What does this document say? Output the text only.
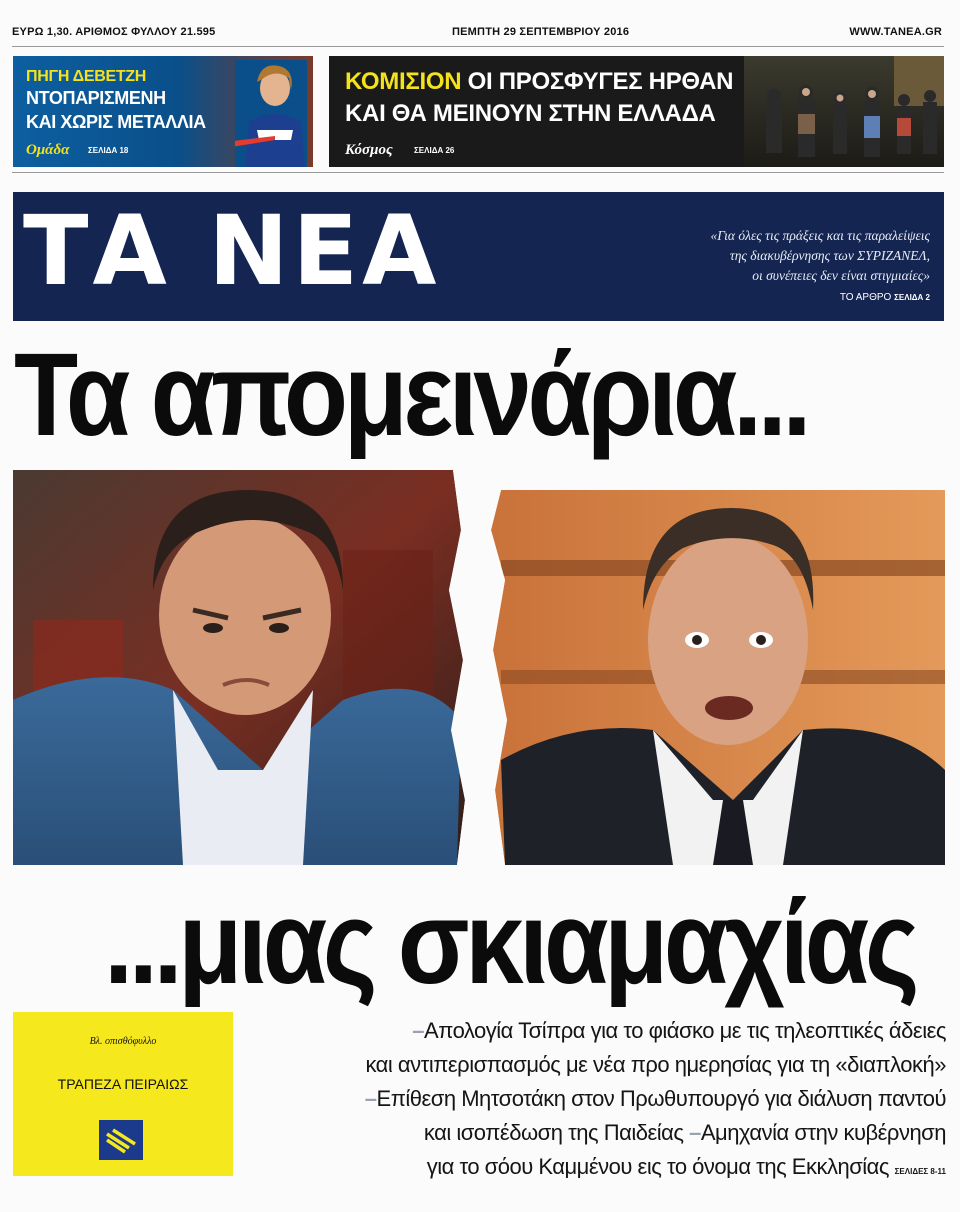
ΕΥΡΩ 1,30. ΑΡΙΘΜΟΣ ΦΥΛΛΟΥ 21.595	ΠΕΜΠΤΗ 29 ΣΕΠΤΕΜΒΡΙΟΥ 2016	WWW.TANEA.GR
ΠΗΓΗ ΔΕΒΕΤΖΗ
ΝΤΟΠΑΡΙΣΜΕΝΗ
ΚΑΙ ΧΩΡΙΣ ΜΕΤΑΛΛΙΑ
Ομάδα ΣΕΛΙΔΑ 18
ΚΟΜΙΣΙΟΝ ΟΙ ΠΡΟΣΦΥΓΕΣ ΗΡΘΑΝ
ΚΑΙ ΘΑ ΜΕΙΝΟΥΝ ΣΤΗΝ ΕΛΛΑΔΑ
Κόσμος	ΣΕΛΙΔΑ 26
ΤΑ ΝΕΑ	«Για όλες τις πράξεις και τις παραλείψεις
της διακυβέρνησης των ΣΥΡΙΖΑΝΕΛ,
οι συνέπειες δεν είναι στιγμιαίες»
ΤΟ ΑΡΘΡΟ ΣΕΛΙΔΑ 2
Τα απομεινάρια...
...μιας σκιαμαχίας
Βλ. οπισθόφυλλο
ΤΡΑΠΕΖΑ ΠΕΙΡΑΙΩΣ
–Απολογία Τσίπρα για το φιάσκο με τις τηλεοπτικές άδειες
και αντιπερισπασμός με νέα προ ημερησίας για τη «διαπλοκή»
–Επίθεση Μητσοτάκη στον Πρωθυπουργό για διάλυση παντού
και ισοπέδωση της Παιδείας –Αμηχανία στην κυβέρνηση
για το σόου Καμμένου εις το όνομα της Εκκλησίας ΣΕΛΙΔΕΣ 8-11
